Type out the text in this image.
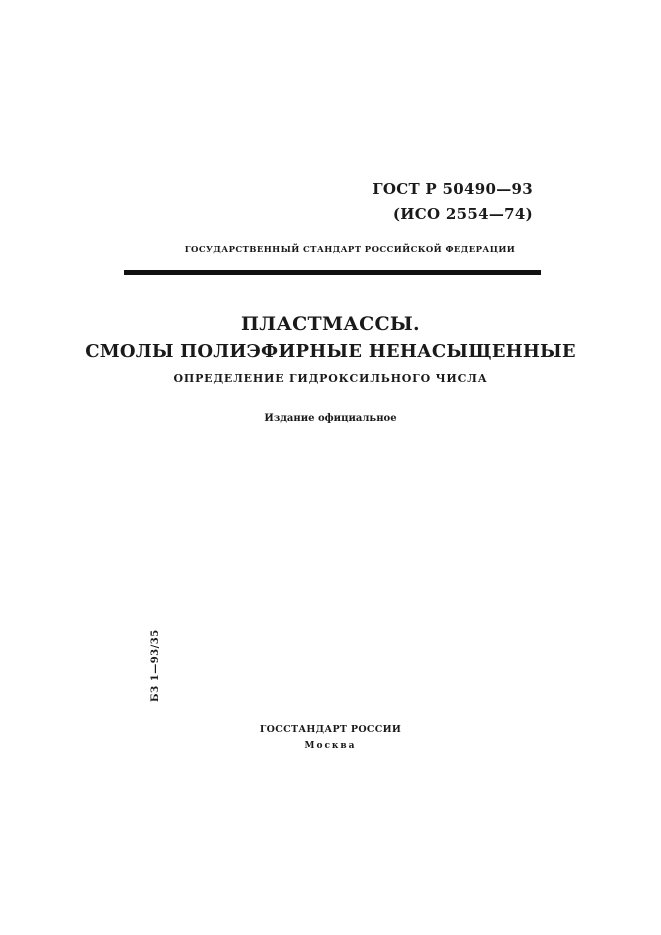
ГОСТ Р 50490—93
(ИСО 2554—74)
ГОСУДАРСТВЕННЫЙ СТАНДАРТ РОССИЙСКОЙ ФЕДЕРАЦИИ
ПЛАСТМАССЫ.
СМОЛЫ ПОЛИЭФИРНЫЕ НЕНАСЫЩЕННЫЕ
ОПРЕДЕЛЕНИЕ ГИДРОКСИЛЬНОГО ЧИСЛА
Издание официальное
БЗ 1—93/35
ГОССТАНДАРТ РОССИИ
Москва
